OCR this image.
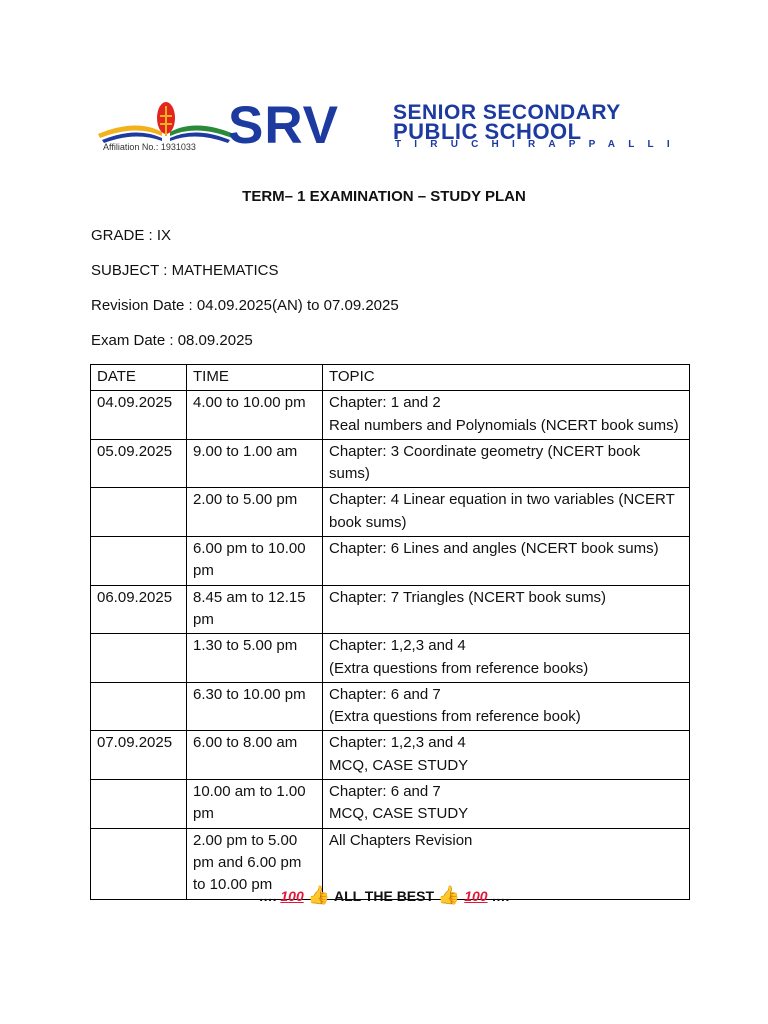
Affiliation No.: 1931033 SRV	SENIOR SECONDARY
PUBLIC SCHOOL
TIRUCHIRAPPALLI
TERM– 1 EXAMINATION – STUDY PLAN
GRADE : IX
SUBJECT : MATHEMATICS
Revision Date : 04.09.2025(AN) to 07.09.2025
Exam Date : 08.09.2025
DATE	TIME	TOPIC
04.09.2025	4.00 to 10.00 pm	Chapter: 1 and 2
Real numbers and Polynomials (NCERT book sums)
05.09.2025	9.00 to 1.00 am	Chapter: 3 Coordinate geometry (NCERT book sums)
	2.00 to 5.00 pm	Chapter: 4 Linear equation in two variables (NCERT book sums)
	6.00 pm to 10.00 pm	Chapter: 6 Lines and angles (NCERT book sums)
06.09.2025	8.45 am to 12.15 pm	Chapter: 7 Triangles (NCERT book sums)
	1.30 to 5.00 pm	Chapter: 1,2,3 and 4
(Extra questions from reference books)
	6.30 to 10.00 pm	Chapter: 6 and 7
(Extra questions from reference book)
07.09.2025	6.00 to 8.00 am	Chapter: 1,2,3 and 4
MCQ, CASE STUDY
	10.00 am to 1.00 pm	Chapter: 6 and 7
MCQ, CASE STUDY
	2.00 pm to 5.00 pm and 6.00 pm to 10.00 pm	All Chapters Revision
…. 100 👍 ALL THE BEST 👍 100 ….
